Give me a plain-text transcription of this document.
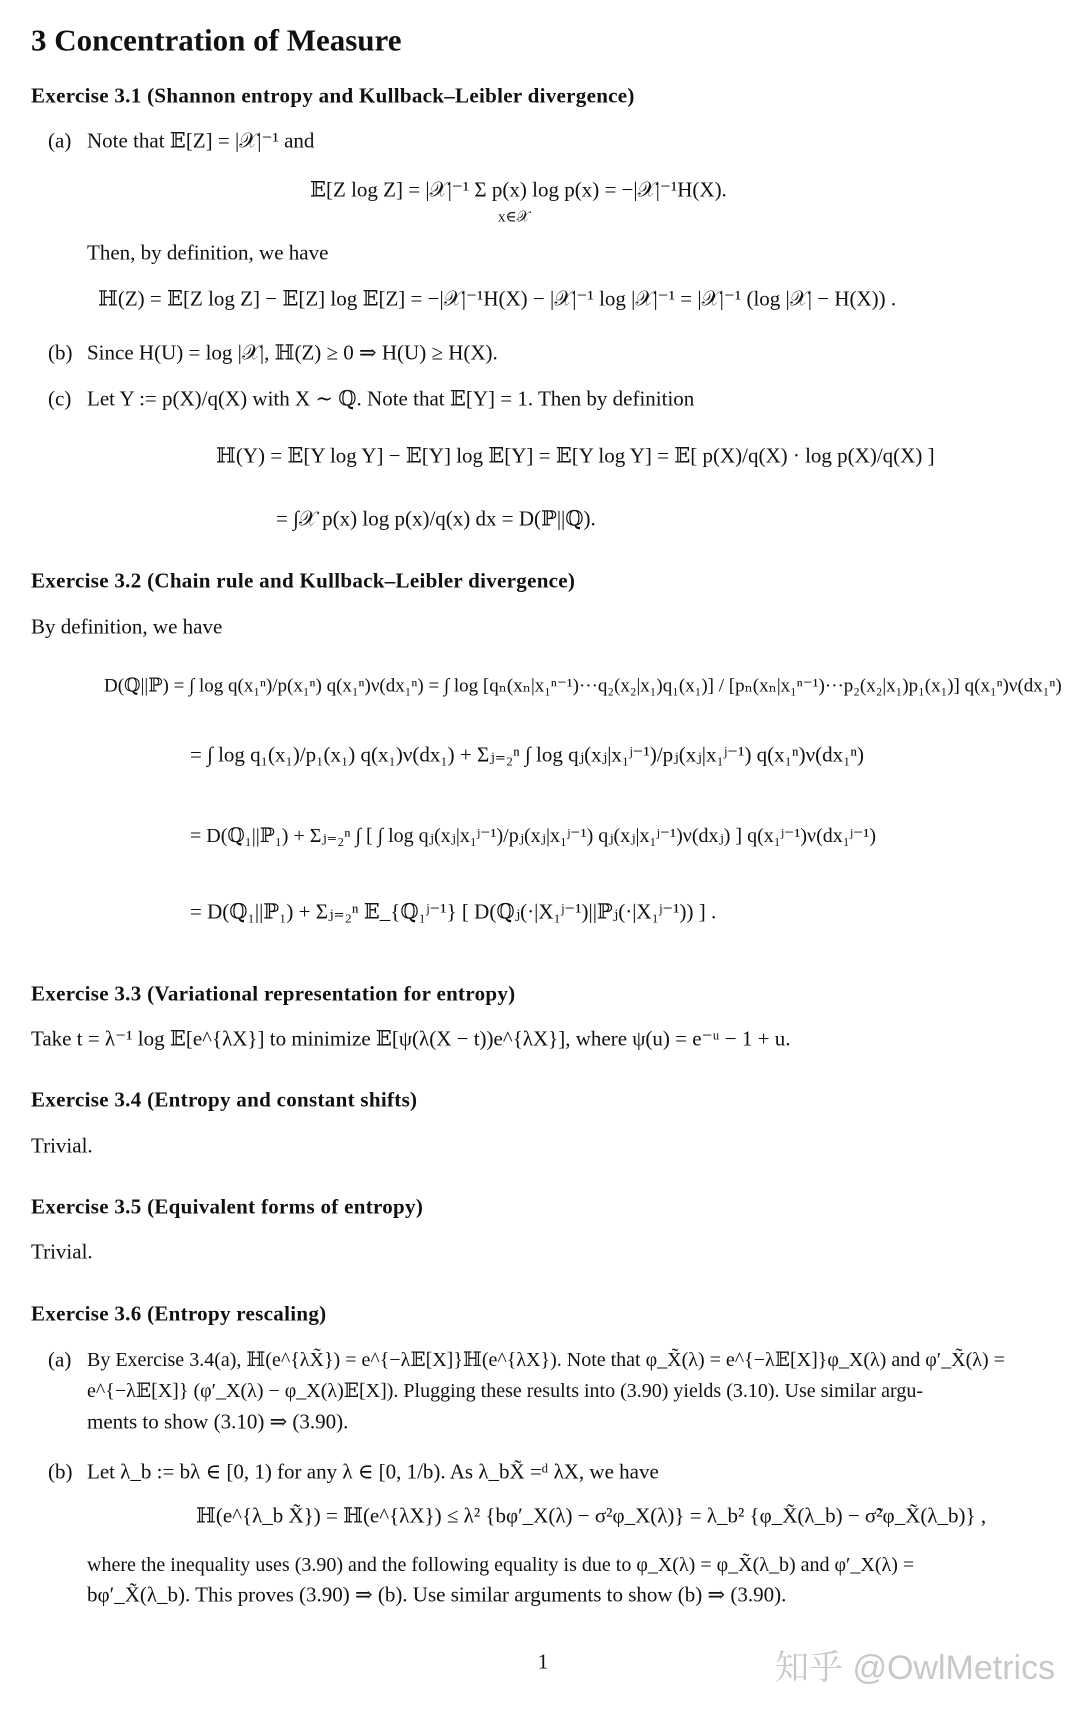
3 Concentration of Measure
Exercise 3.1 (Shannon entropy and Kullback–Leibler divergence)
(a) Note that 𝔼[Z] = |𝒳|⁻¹ and
𝔼[Z log Z] = |𝒳|⁻¹ Σ p(x) log p(x) = −|𝒳|⁻¹H(X).
x∈𝒳
Then, by definition, we have
ℍ(Z) = 𝔼[Z log Z] − 𝔼[Z] log 𝔼[Z] = −|𝒳|⁻¹H(X) − |𝒳|⁻¹ log |𝒳|⁻¹ = |𝒳|⁻¹ (log |𝒳| − H(X)) .
(b) Since H(U) = log |𝒳|, ℍ(Z) ≥ 0 ⇒ H(U) ≥ H(X).
(c) Let Y := p(X)/q(X) with X ∼ ℚ. Note that 𝔼[Y] = 1. Then by definition
ℍ(Y) = 𝔼[Y log Y] − 𝔼[Y] log 𝔼[Y] = 𝔼[Y log Y] = 𝔼[ p(X)/q(X) · log p(X)/q(X) ]
= ∫𝒳 p(x) log p(x)/q(x) dx = D(ℙ||ℚ).
Exercise 3.2 (Chain rule and Kullback–Leibler divergence)
By definition, we have
D(ℚ||ℙ) = ∫ log q(x₁ⁿ)/p(x₁ⁿ) q(x₁ⁿ)ν(dx₁ⁿ) = ∫ log [qₙ(xₙ|x₁ⁿ⁻¹)···q₂(x₂|x₁)q₁(x₁)] / [pₙ(xₙ|x₁ⁿ⁻¹)···p₂(x₂|x₁)p₁(x₁)] q(x₁ⁿ)ν(dx₁ⁿ)
= ∫ log q₁(x₁)/p₁(x₁) q(x₁)ν(dx₁) + Σⱼ₌₂ⁿ ∫ log qⱼ(xⱼ|x₁ʲ⁻¹)/pⱼ(xⱼ|x₁ʲ⁻¹) q(x₁ⁿ)ν(dx₁ⁿ)
= D(ℚ₁||ℙ₁) + Σⱼ₌₂ⁿ ∫ [ ∫ log qⱼ(xⱼ|x₁ʲ⁻¹)/pⱼ(xⱼ|x₁ʲ⁻¹) qⱼ(xⱼ|x₁ʲ⁻¹)ν(dxⱼ) ] q(x₁ʲ⁻¹)ν(dx₁ʲ⁻¹)
= D(ℚ₁||ℙ₁) + Σⱼ₌₂ⁿ 𝔼_{ℚ₁ʲ⁻¹} [ D(ℚⱼ(·|X₁ʲ⁻¹)||ℙⱼ(·|X₁ʲ⁻¹)) ] .
Exercise 3.3 (Variational representation for entropy)
Take t = λ⁻¹ log 𝔼[e^{λX}] to minimize 𝔼[ψ(λ(X − t))e^{λX}], where ψ(u) = e⁻ᵘ − 1 + u.
Exercise 3.4 (Entropy and constant shifts)
Trivial.
Exercise 3.5 (Equivalent forms of entropy)
Trivial.
Exercise 3.6 (Entropy rescaling)
(a) By Exercise 3.4(a), ℍ(e^{λX̃}) = e^{−λ𝔼[X]}ℍ(e^{λX}). Note that φ_X̃(λ) = e^{−λ𝔼[X]}φ_X(λ) and φ′_X̃(λ) =
e^{−λ𝔼[X]} (φ′_X(λ) − φ_X(λ)𝔼[X]). Plugging these results into (3.90) yields (3.10). Use similar argu-
ments to show (3.10) ⇒ (3.90).
(b) Let λ_b := bλ ∈ [0, 1) for any λ ∈ [0, 1/b). As λ_bX̃ =ᵈ λX, we have
ℍ(e^{λ_b X̃}) = ℍ(e^{λX}) ≤ λ² {bφ′_X(λ) − σ²φ_X(λ)} = λ_b² {φ_X̃(λ_b) − σ̃²φ_X̃(λ_b)} ,
where the inequality uses (3.90) and the following equality is due to φ_X(λ) = φ_X̃(λ_b) and φ′_X(λ) =
bφ′_X̃(λ_b). This proves (3.90) ⇒ (b). Use similar arguments to show (b) ⇒ (3.90).
1	知乎 @OwlMetrics
